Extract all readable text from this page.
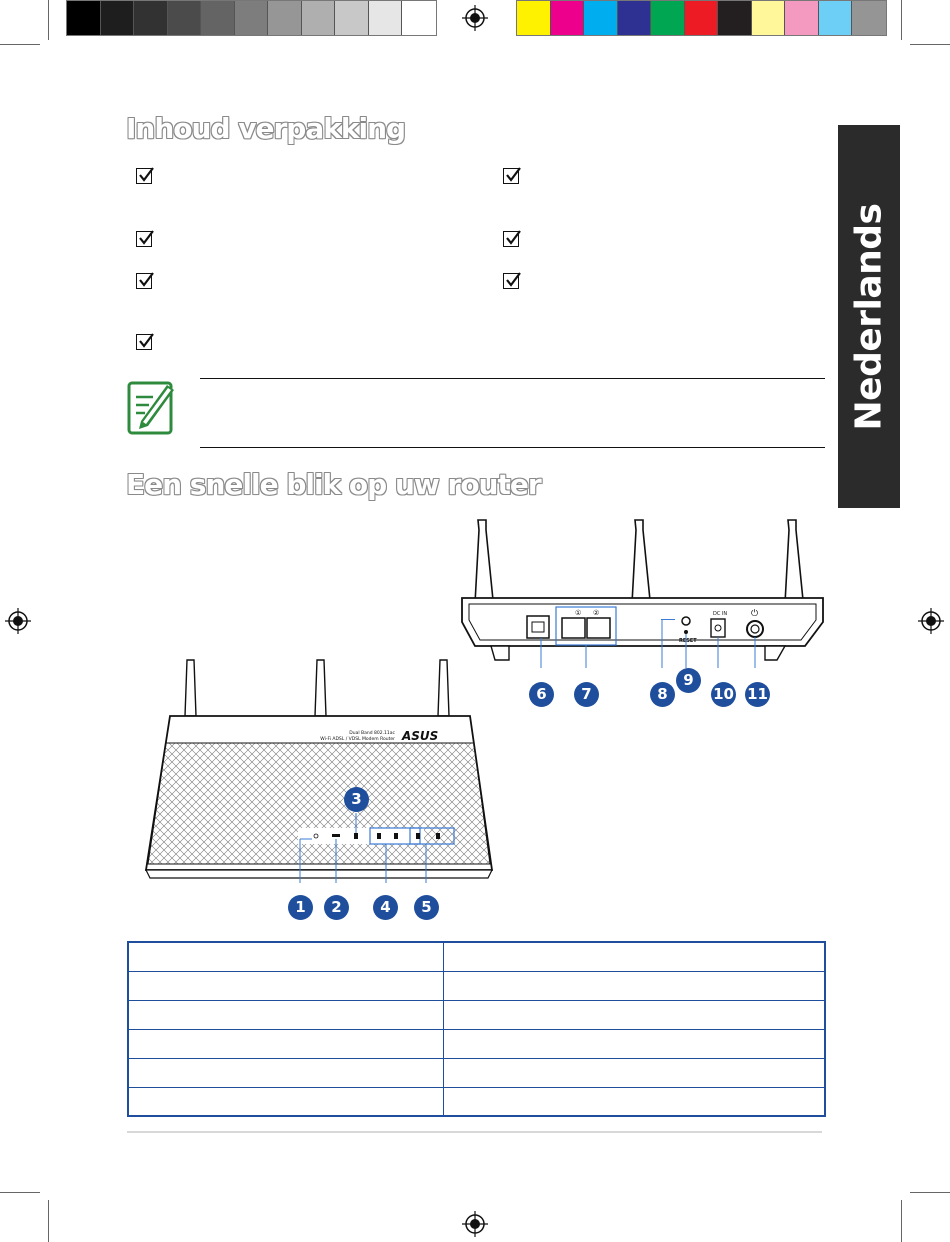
Nederlands
Inhoud verpakking
Een snelle blik op uw router
① ②
RESET
DC IN	⏻
6	7	8
9
10 11
Dual Band 802.11ac
Wi-Fi ADSL / VDSL Modem Router ASUS
3
1	2	4	5
